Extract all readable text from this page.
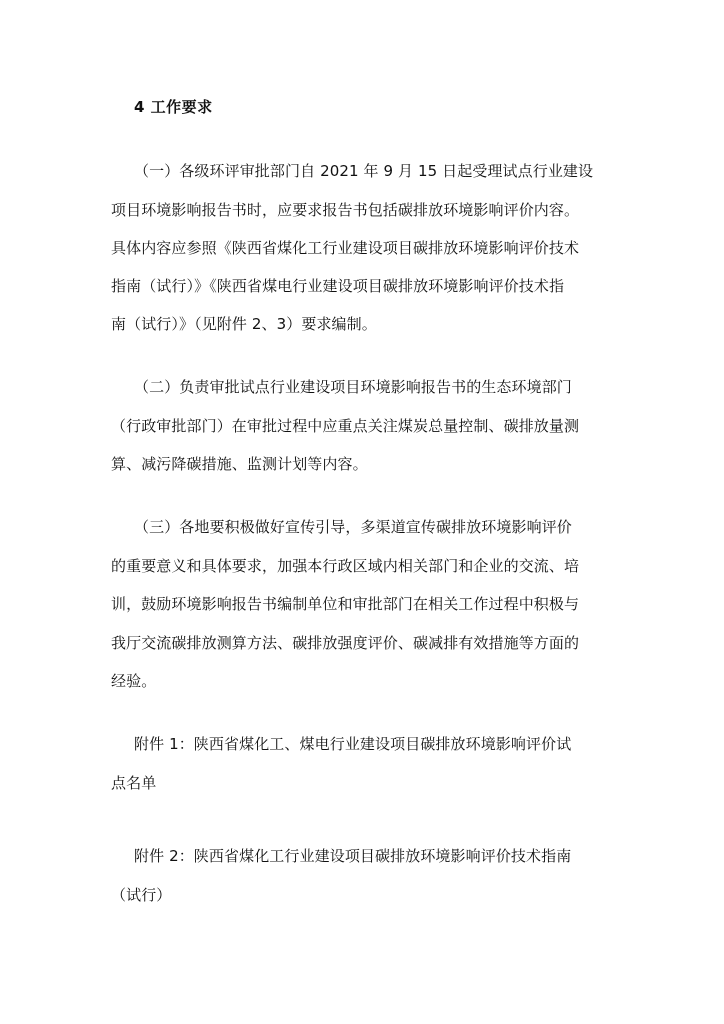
4 工作要求
（一）各级环评审批部门自 2021 年 9 月 15 日起受理试点行业建设
项目环境影响报告书时，应要求报告书包括碳排放环境影响评价内容。
具体内容应参照《陕西省煤化工行业建设项目碳排放环境影响评价技术
指南（试行）》《陕西省煤电行业建设项目碳排放环境影响评价技术指
南（试行）》（见附件 2、3）要求编制。
（二）负责审批试点行业建设项目环境影响报告书的生态环境部门
（行政审批部门）在审批过程中应重点关注煤炭总量控制、碳排放量测
算、减污降碳措施、监测计划等内容。
（三）各地要积极做好宣传引导，多渠道宣传碳排放环境影响评价
的重要意义和具体要求，加强本行政区域内相关部门和企业的交流、培
训，鼓励环境影响报告书编制单位和审批部门在相关工作过程中积极与
我厅交流碳排放测算方法、碳排放强度评价、碳减排有效措施等方面的
经验。
附件 1：陕西省煤化工、煤电行业建设项目碳排放环境影响评价试
点名单
附件 2：陕西省煤化工行业建设项目碳排放环境影响评价技术指南
（试行）
